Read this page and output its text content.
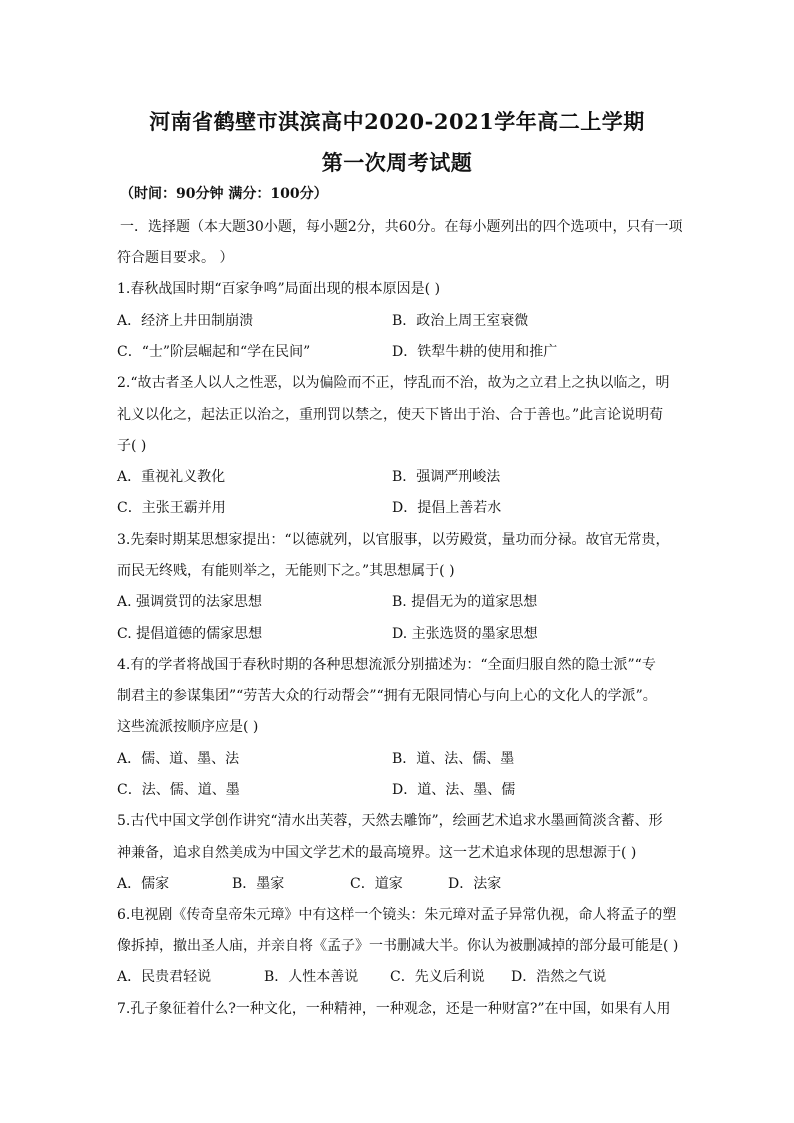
河南省鹤壁市淇滨高中2020-2021学年高二上学期
第一次周考试题
（时间：90分钟 满分：100分）
一．选择题（本大题30小题，每小题2分，共60分。在每小题列出的四个选项中，只有一项
符合题目要求。 ）
1.春秋战国时期“百家争鸣”局面出现的根本原因是( )
A．经济上井田制崩溃	B．政治上周王室衰微
C．“士”阶层崛起和“学在民间”	D．铁犁牛耕的使用和推广
2.“故古者圣人以人之性恶，以为偏险而不正，悖乱而不治，故为之立君上之执以临之，明
礼义以化之，起法正以治之，重刑罚以禁之，使天下皆出于治、合于善也。”此言论说明荀
子( )
A．重视礼义教化	B．强调严刑峻法
C．主张王霸并用	D．提倡上善若水
3.先秦时期某思想家提出：“以德就列，以官服事，以劳殿赏，量功而分禄。故官无常贵，
而民无终贱，有能则举之，无能则下之。”其思想属于( )
A. 强调赏罚的法家思想	B. 提倡无为的道家思想
C. 提倡道德的儒家思想	D. 主张选贤的墨家思想
4.有的学者将战国于春秋时期的各种思想流派分别描述为：“全面归服自然的隐士派”“专
制君主的参谋集团”“劳苦大众的行动帮会”“拥有无限同情心与向上心的文化人的学派”。
这些流派按顺序应是( )
A．儒、道、墨、法	B．道、法、儒、墨
C．法、儒、道、墨	D．道、法、墨、儒
5.古代中国文学创作讲究“清水出芙蓉，天然去雕饰”，绘画艺术追求水墨画简淡含蓄、形
神兼备，追求自然美成为中国文学艺术的最高境界。这一艺术追求体现的思想源于( )
A．儒家	B．墨家	C．道家	D．法家
6.电视剧《传奇皇帝朱元璋》中有这样一个镜头：朱元璋对孟子异常仇视，命人将孟子的塑
像拆掉，撤出圣人庙，并亲自将《孟子》一书删减大半。你认为被删减掉的部分最可能是( )
A．民贵君轻说	B．人性本善说 C．先义后利说 D．浩然之气说
7.孔子象征着什么?一种文化，一种精神，一种观念，还是一种财富?”在中国，如果有人用
